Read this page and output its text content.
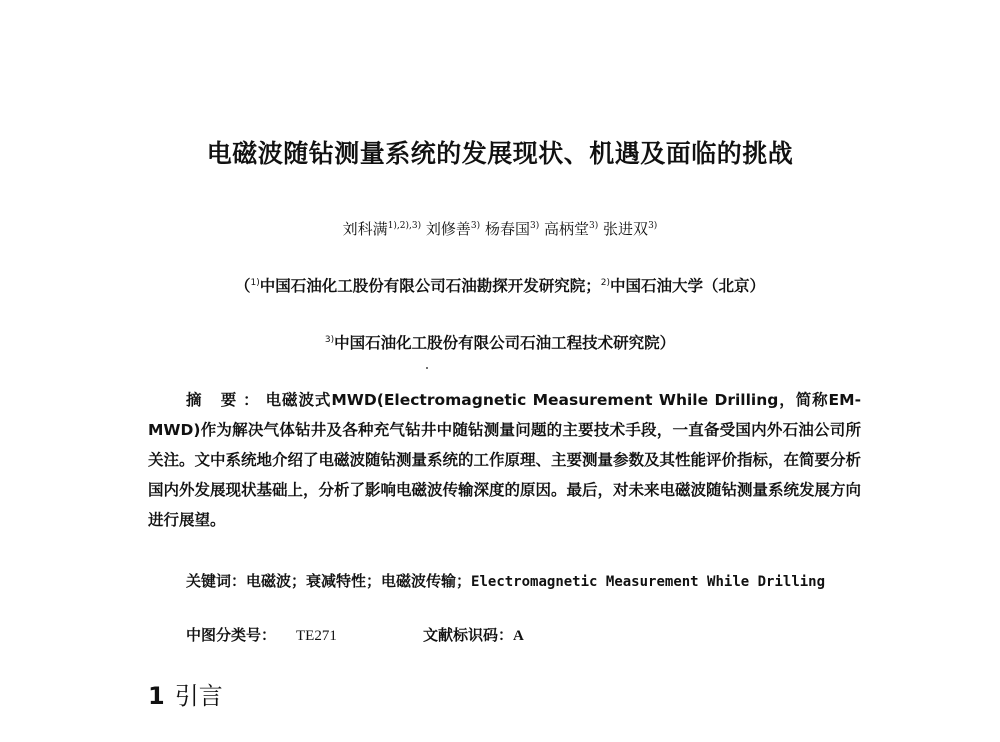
电磁波随钻测量系统的发展现状、机遇及面临的挑战
刘科满$^{1),2),3)}$ 刘修善$^{3)}$ 杨春国$^{3)}$ 高柄堂$^{3)}$ 张进双$^{3)}$
（$^{1)}$中国石油化工股份有限公司石油勘探开发研究院；$^{2)}$中国石油大学（北京）
$^{3)}$中国石油化工股份有限公司石油工程技术研究院）
摘 要：电磁波式MWD(Electromagnetic Measurement While Drilling，简称EM-MWD)作为解决气体钻井及各种充气钻井中随钻测量问题的主要技术手段，一直备受国内外石油公司所关注。文中系统地介绍了电磁波随钻测量系统的工作原理、主要测量参数及其性能评价指标，在简要分析国内外发展现状基础上，分析了影响电磁波传输深度的原因。最后，对未来电磁波随钻测量系统发展方向进行展望。
关键词：电磁波；衰减特性；电磁波传输；Electromagnetic Measurement While Drilling
中图分类号： TE271	文献标识码：A
1 引言
